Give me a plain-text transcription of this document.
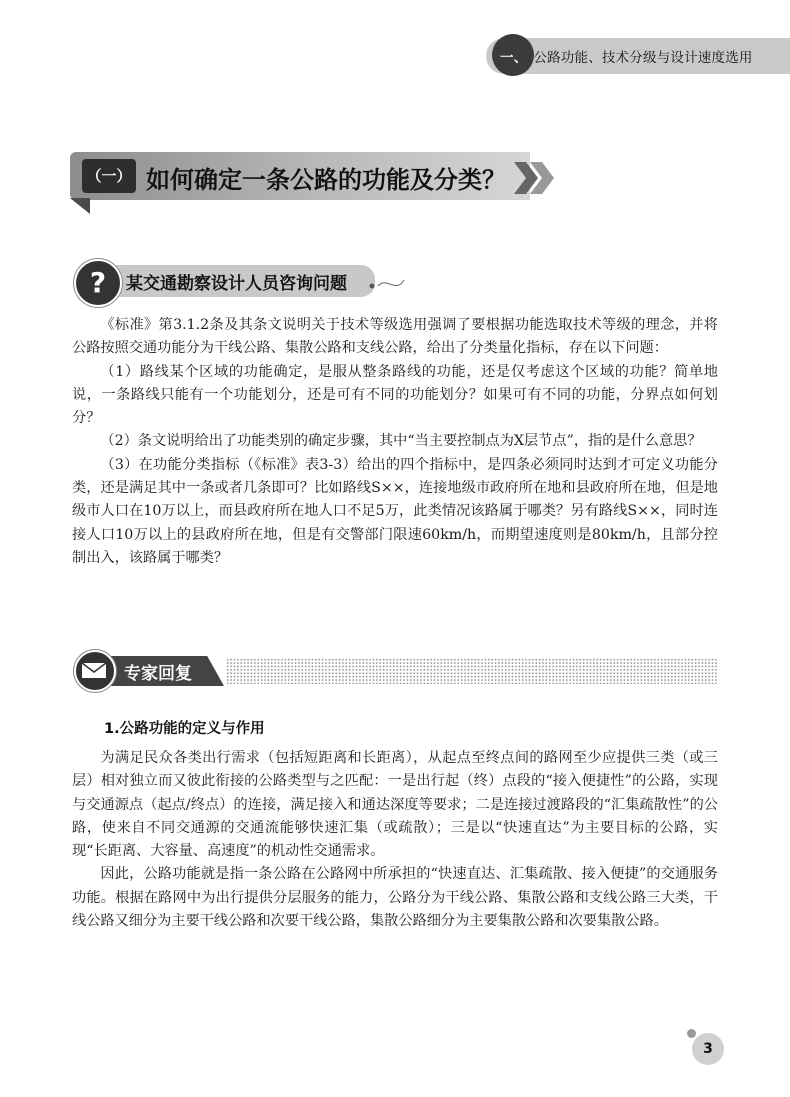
一、 公路功能、技术分级与设计速度选用
（一） 如何确定一条公路的功能及分类？
?	某交通勘察设计人员咨询问题

《标准》第3.1.2条及其条文说明关于技术等级选用强调了要根据功能选取技术等级的理念，并将公路按照交通功能分为干线公路、集散公路和支线公路，给出了分类量化指标，存在以下问题：

（1）路线某个区域的功能确定，是服从整条路线的功能，还是仅考虑这个区域的功能？简单地说，一条路线只能有一个功能划分，还是可有不同的功能划分？如果可有不同的功能，分界点如何划分？

（2）条文说明给出了功能类别的确定步骤，其中“当主要控制点为X层节点”，指的是什么意思？

（3）在功能分类指标（《标准》表3-3）给出的四个指标中，是四条必须同时达到才可定义功能分类，还是满足其中一条或者几条即可？比如路线S××，连接地级市政府所在地和县政府所在地，但是地级市人口在10万以上，而县政府所在地人口不足5万，此类情况该路属于哪类？另有路线S××，同时连接人口10万以上的县政府所在地，但是有交警部门限速60km/h，而期望速度则是80km/h，且部分控制出入，该路属于哪类？

专家回复
1.公路功能的定义与作用

为满足民众各类出行需求（包括短距离和长距离），从起点至终点间的路网至少应提供三类（或三层）相对独立而又彼此衔接的公路类型与之匹配：一是出行起（终）点段的“接入便捷性”的公路，实现与交通源点（起点/终点）的连接，满足接入和通达深度等要求；二是连接过渡路段的“汇集疏散性”的公路，使来自不同交通源的交通流能够快速汇集（或疏散）；三是以“快速直达”为主要目标的公路，实现“长距离、大容量、高速度”的机动性交通需求。

因此，公路功能就是指一条公路在公路网中所承担的“快速直达、汇集疏散、接入便捷”的交通服务功能。根据在路网中为出行提供分层服务的能力，公路分为干线公路、集散公路和支线公路三大类，干线公路又细分为主要干线公路和次要干线公路，集散公路细分为主要集散公路和次要集散公路。

3
